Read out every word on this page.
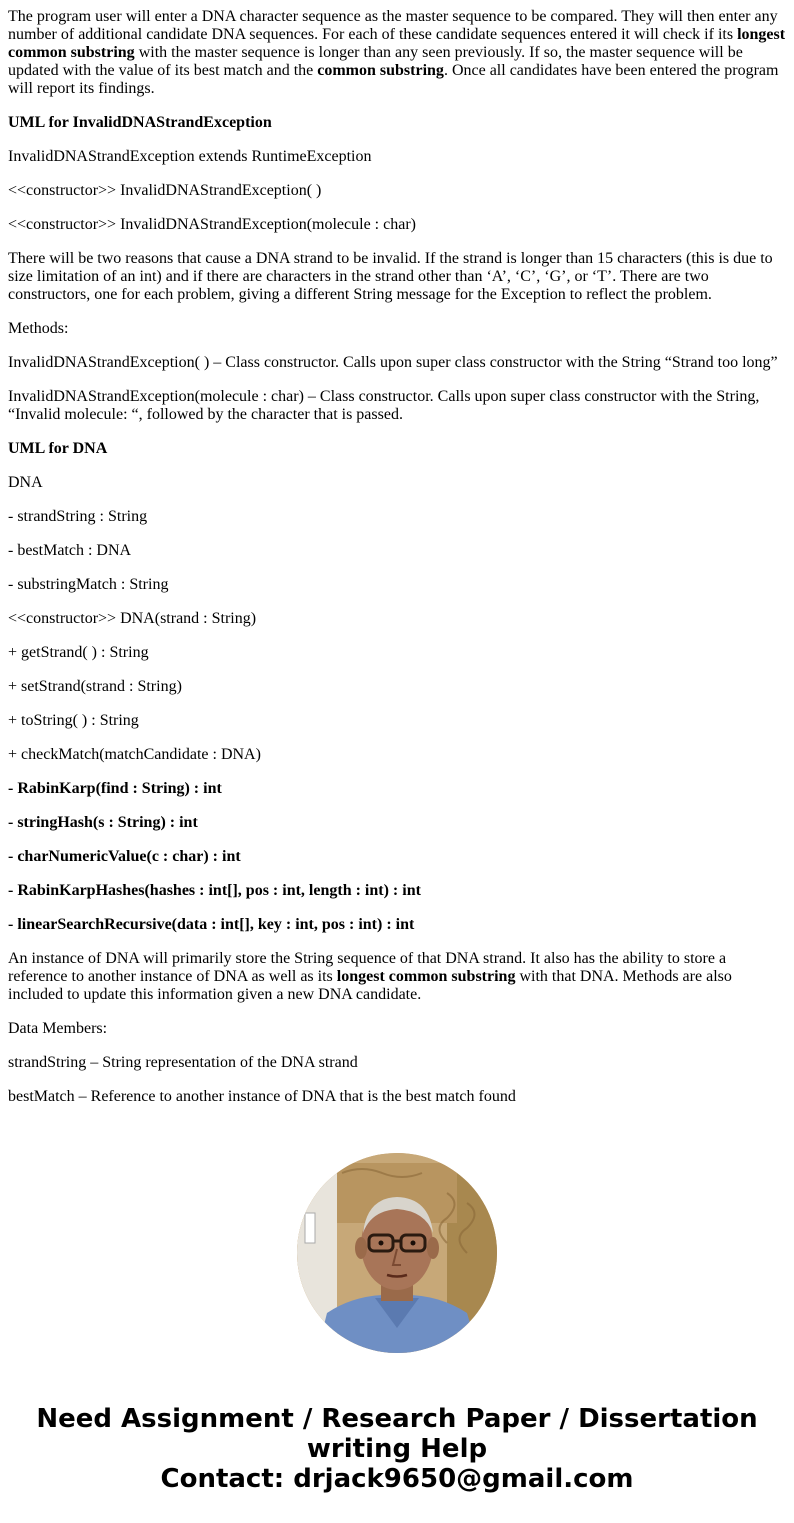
The program user will enter a DNA character sequence as the master sequence to be compared. They will then enter any number of additional candidate DNA sequences. For each of these candidate sequences entered it will check if its longest common substring with the master sequence is longer than any seen previously. If so, the master sequence will be updated with the value of its best match and the common substring. Once all candidates have been entered the program will report its findings.

UML for InvalidDNAStrandException

InvalidDNAStrandException extends RuntimeException

<<constructor>> InvalidDNAStrandException( )

<<constructor>> InvalidDNAStrandException(molecule : char)

There will be two reasons that cause a DNA strand to be invalid. If the strand is longer than 15 characters (this is due to size limitation of an int) and if there are characters in the strand other than ‘A’, ‘C’, ‘G’, or ‘T’. There are two constructors, one for each problem, giving a different String message for the Exception to reflect the problem.

Methods:

InvalidDNAStrandException( ) – Class constructor. Calls upon super class constructor with the String “Strand too long”

InvalidDNAStrandException(molecule : char) – Class constructor. Calls upon super class constructor with the String, “Invalid molecule: “, followed by the character that is passed.

UML for DNA

DNA

- strandString : String

- bestMatch : DNA

- substringMatch : String

<<constructor>> DNA(strand : String)

+ getStrand( ) : String

+ setStrand(strand : String)

+ toString( ) : String

+ checkMatch(matchCandidate : DNA)

- RabinKarp(find : String) : int

- stringHash(s : String) : int

- charNumericValue(c : char) : int

- RabinKarpHashes(hashes : int[], pos : int, length : int) : int

- linearSearchRecursive(data : int[], key : int, pos : int) : int

An instance of DNA will primarily store the String sequence of that DNA strand. It also has the ability to store a reference to another instance of DNA as well as its longest common substring with that DNA. Methods are also included to update this information given a new DNA candidate.

Data Members:

strandString – String representation of the DNA strand

bestMatch – Reference to another instance of DNA that is the best match found

Need Assignment / Research Paper / Dissertation
writing Help
Contact: drjack9650@gmail.com
